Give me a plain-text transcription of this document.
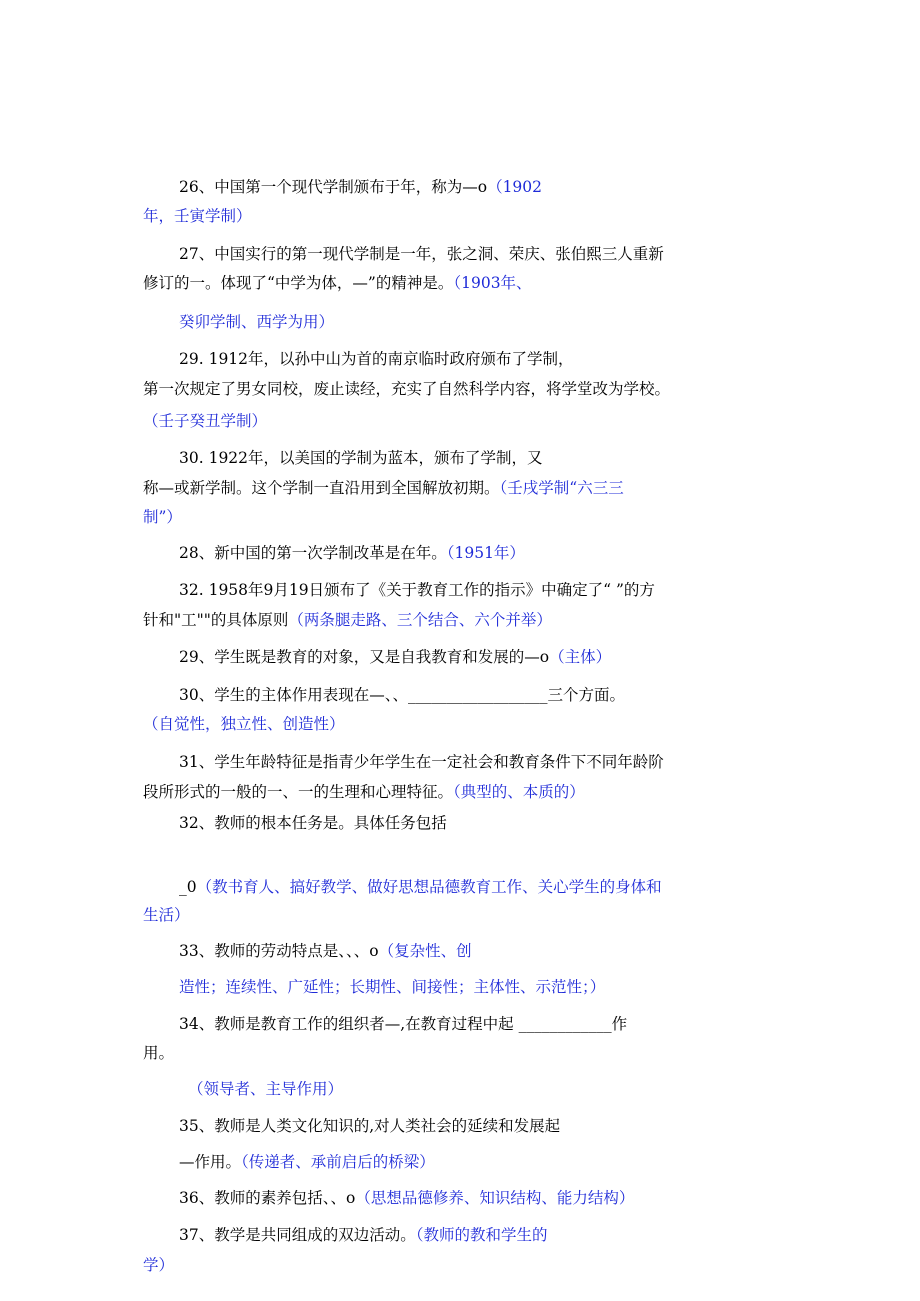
26、中国第一个现代学制颁布于年，称为—o（1902
年，壬寅学制）
27、中国实行的第一现代学制是一年，张之洞、荣庆、张伯熙三人重新
修订的一。体现了“中学为体，—”的精神是。（1903年、
癸卯学制、西学为用）
29. 1912年，以孙中山为首的南京临时政府颁布了学制，
第一次规定了男女同校，废止读经，充实了自然科学内容，将学堂改为学校。
（壬子癸丑学制）
30. 1922年，以美国的学制为蓝本，颁布了学制，又
称—或新学制。这个学制一直沿用到全国解放初期。（壬戌学制“六三三
制”）
28、新中国的第一次学制改革是在年。（1951年）
32. 1958年9月19日颁布了《关于教育工作的指示》中确定了“ ”的方
针和"工""的具体原则（两条腿走路、三个结合、六个并举）
29、学生既是教育的对象，又是自我教育和发展的—o（主体）
30、学生的主体作用表现在—、、__________________三个方面。
（自觉性，独立性、创造性）
31、学生年龄特征是指青少年学生在一定社会和教育条件下不同年龄阶
段所形式的一般的一、一的生理和心理特征。（典型的、本质的）
32、教师的根本任务是。具体任务包括
_0（教书育人、搞好教学、做好思想品德教育工作、关心学生的身体和
生活）
33、教师的劳动特点是、、、o（复杂性、创
造性；连续性、广延性；长期性、间接性；主体性、示范性；）
34、教师是教育工作的组织者—,在教育过程中起 ____________作
用。
（领导者、主导作用）
35、教师是人类文化知识的,对人类社会的延续和发展起
—作用。（传递者、承前启后的桥梁）
36、教师的素养包括、、o（思想品德修养、知识结构、能力结构）
37、教学是共同组成的双边活动。（教师的教和学生的
学）
